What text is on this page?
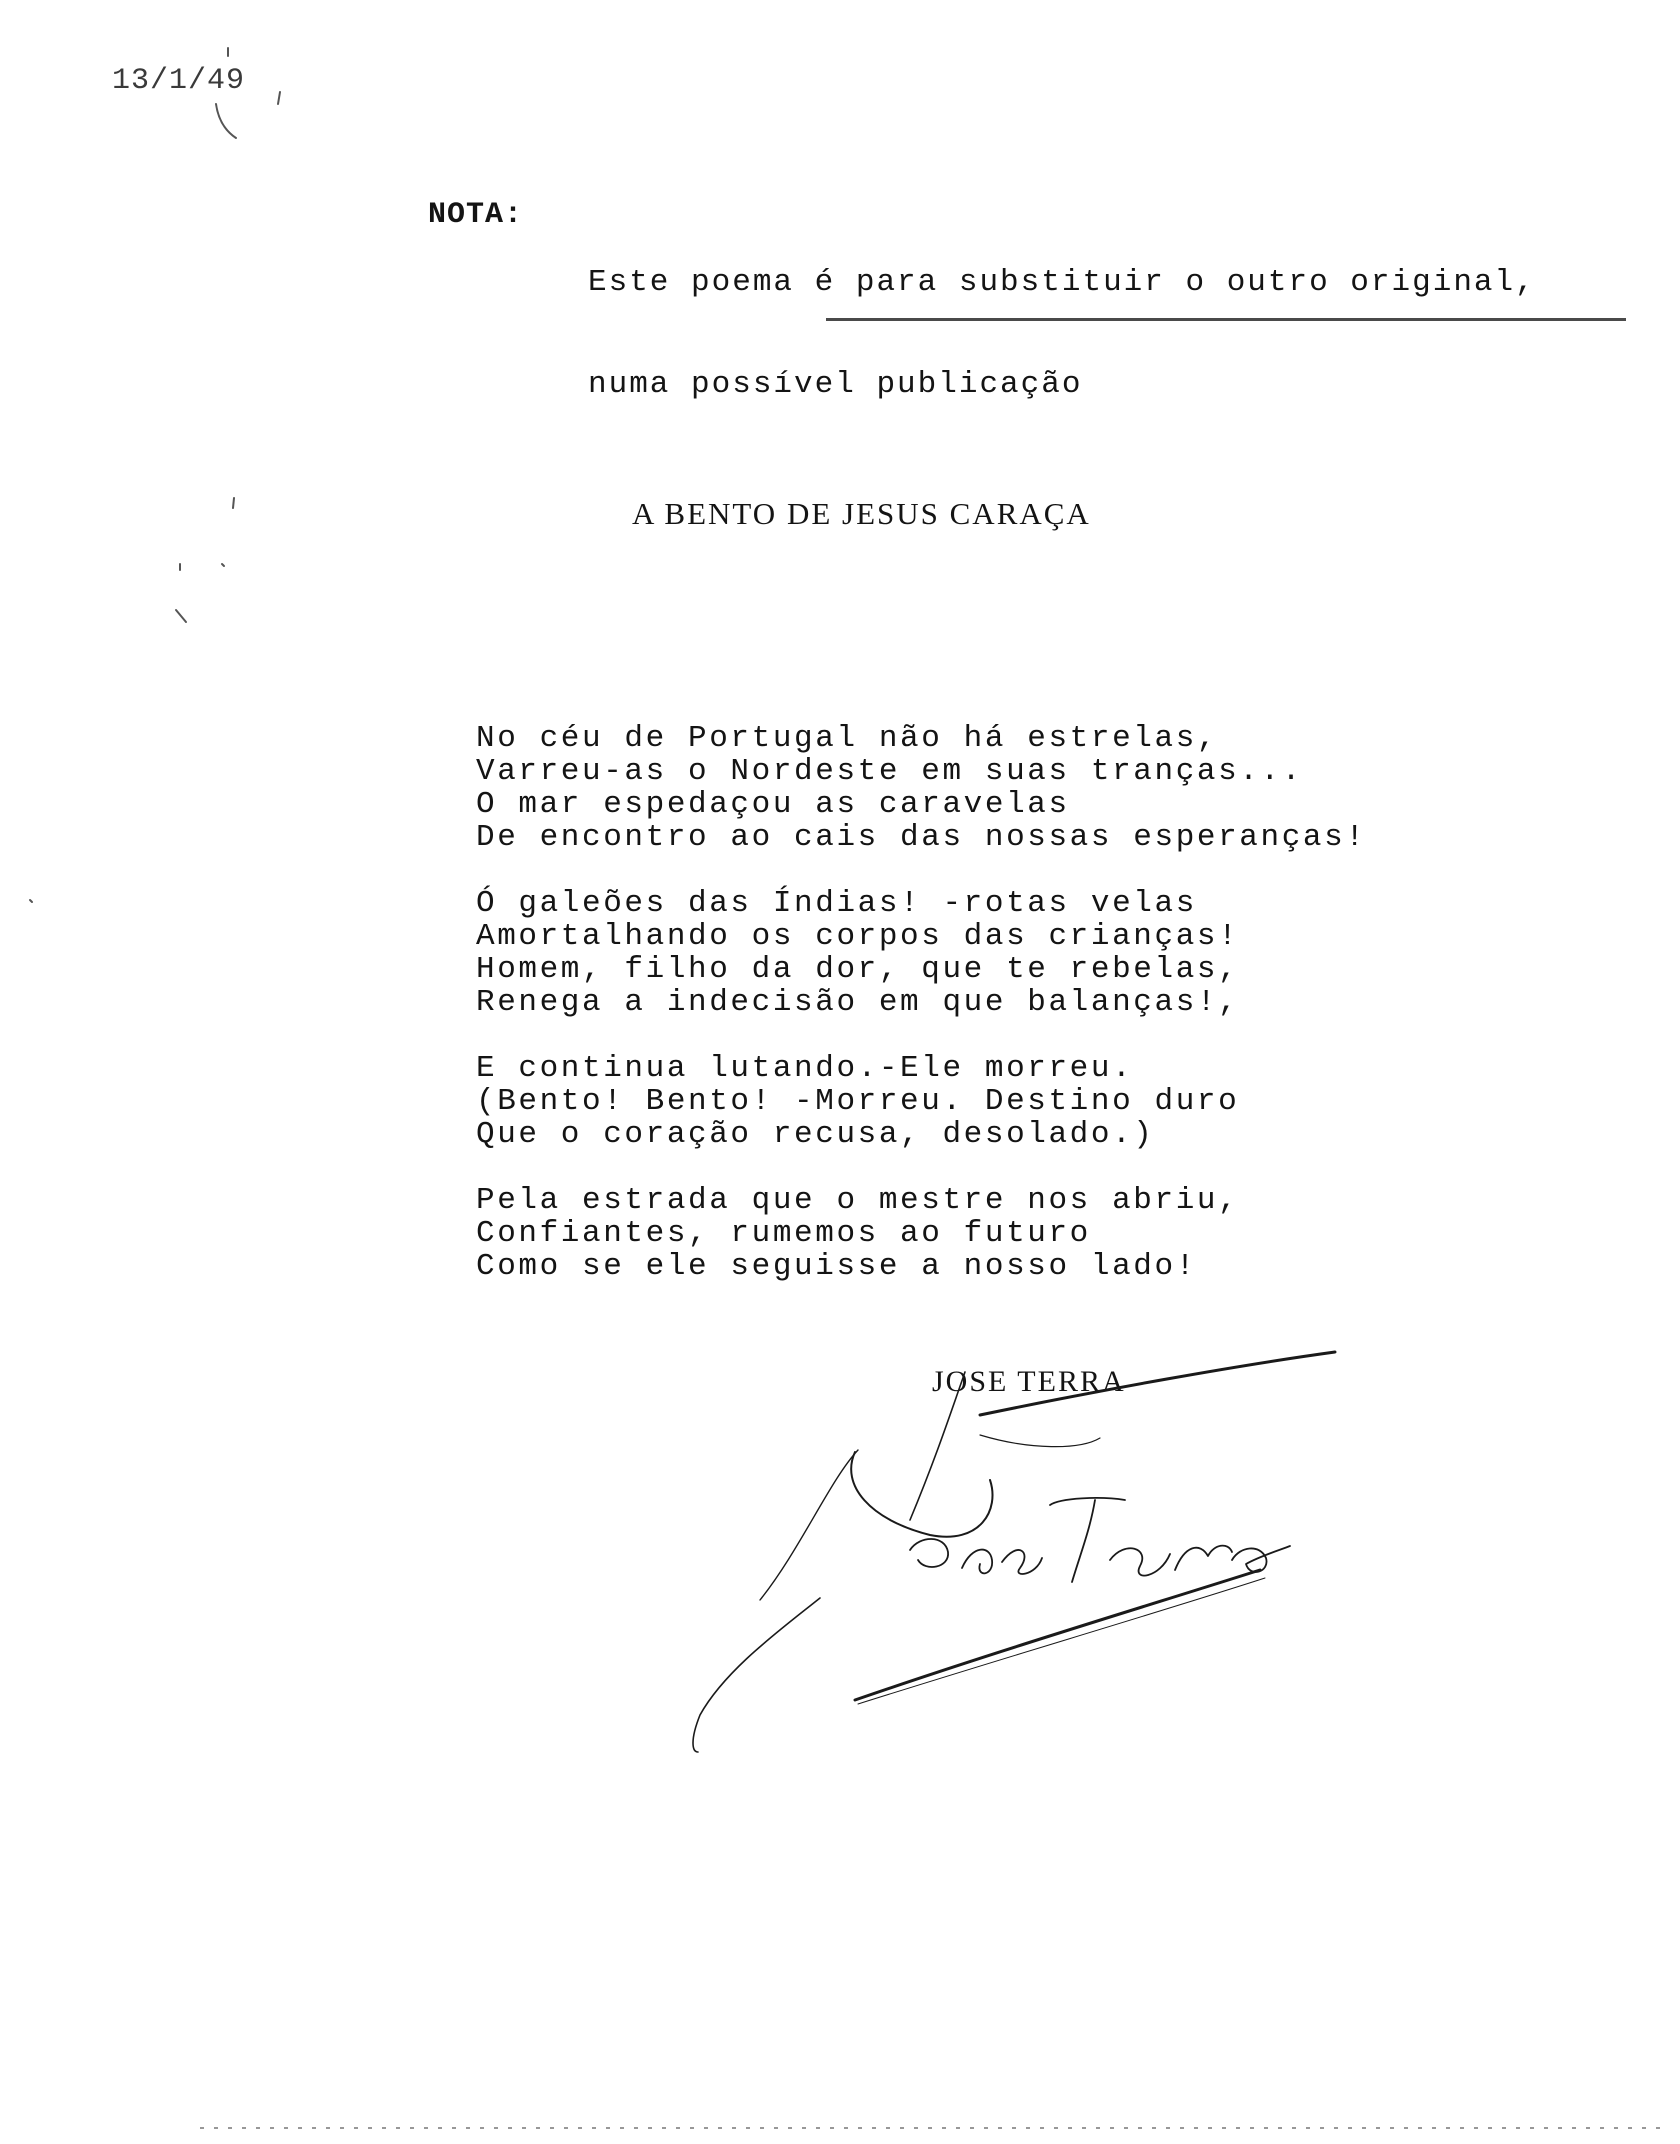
13/1/49
NOTA:

Este poema é para substituir o outro original,

numa possível publicação

A BENTO DE JESUS CARAÇA
No céu de Portugal não há estrelas,
Varreu-as o Nordeste em suas tranças...
O mar espedaçou as caravelas
De encontro ao cais das nossas esperanças!
Ó galeões das Índias! -rotas velas
Amortalhando os corpos das crianças!
Homem, filho da dor, que te rebelas,
Renega a indecisão em que balanças!,
E continua lutando.-Ele morreu.
(Bento! Bento! -Morreu. Destino duro
Que o coração recusa, desolado.)
Pela estrada que o mestre nos abriu,
Confiantes, rumemos ao futuro
Como se ele seguisse a nosso lado!
JOSE TERRA
